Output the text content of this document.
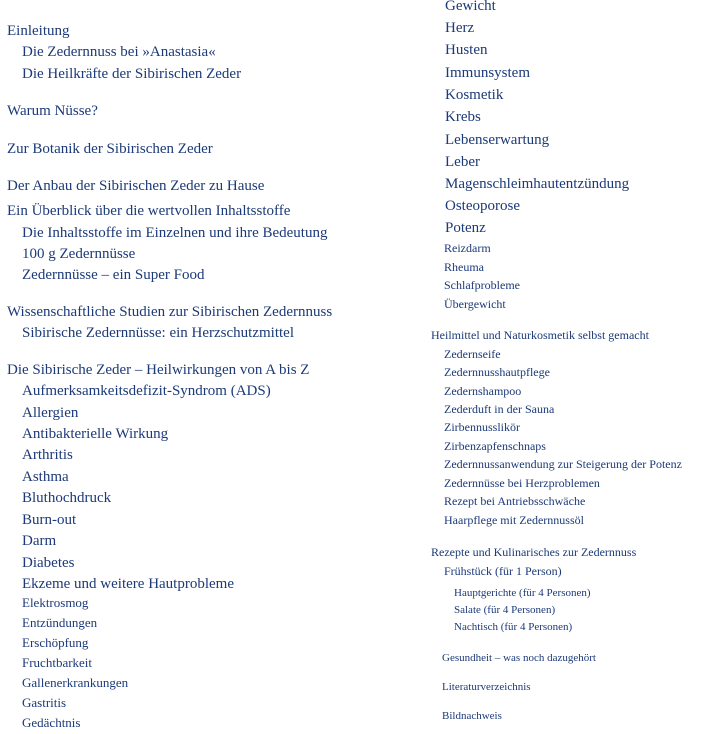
Einleitung
Die Zedernnuss bei »Anastasia«
Die Heilkräfte der Sibirischen Zeder
Warum Nüsse?
Zur Botanik der Sibirischen Zeder
Der Anbau der Sibirischen Zeder zu Hause
Ein Überblick über die wertvollen Inhaltsstoffe
Die Inhaltsstoffe im Einzelnen und ihre Bedeutung
100 g Zedernnüsse
Zedernnüsse – ein Super Food
Wissenschaftliche Studien zur Sibirischen Zedernnuss
Sibirische Zedernnüsse: ein Herzschutzmittel
Die Sibirische Zeder – Heilwirkungen von A bis Z
Aufmerksamkeitsdefizit-Syndrom (ADS)
Allergien
Antibakterielle Wirkung
Arthritis
Asthma
Bluthochdruck
Burn-out
Darm
Diabetes
Ekzeme und weitere Hautprobleme
Elektrosmog
Entzündungen
Erschöpfung
Fruchtbarkeit
Gallenerkrankungen
Gastritis
Gedächtnis
Gewicht
Herz
Husten
Immunsystem
Kosmetik
Krebs
Lebenserwartung
Leber
Magenschleimhautentzündung
Osteoporose
Potenz
Reizdarm
Rheuma
Schlafprobleme
Übergewicht
Heilmittel und Naturkosmetik selbst gemacht
Zedernseife
Zedernnusshautpflege
Zedernshampoo
Zederduft in der Sauna
Zirbennusslikör
Zirbenzapfenschnaps
Zedernnussanwendung zur Steigerung der Potenz
Zedernnüsse bei Herzproblemen
Rezept bei Antriebsschwäche
Haarpflege mit Zedernnussöl
Rezepte und Kulinarisches zur Zedernnuss
Frühstück (für 1 Person)
Hauptgerichte (für 4 Personen)
Salate (für 4 Personen)
Nachtisch (für 4 Personen)
Gesundheit – was noch dazugehört
Literaturverzeichnis
Bildnachweis
